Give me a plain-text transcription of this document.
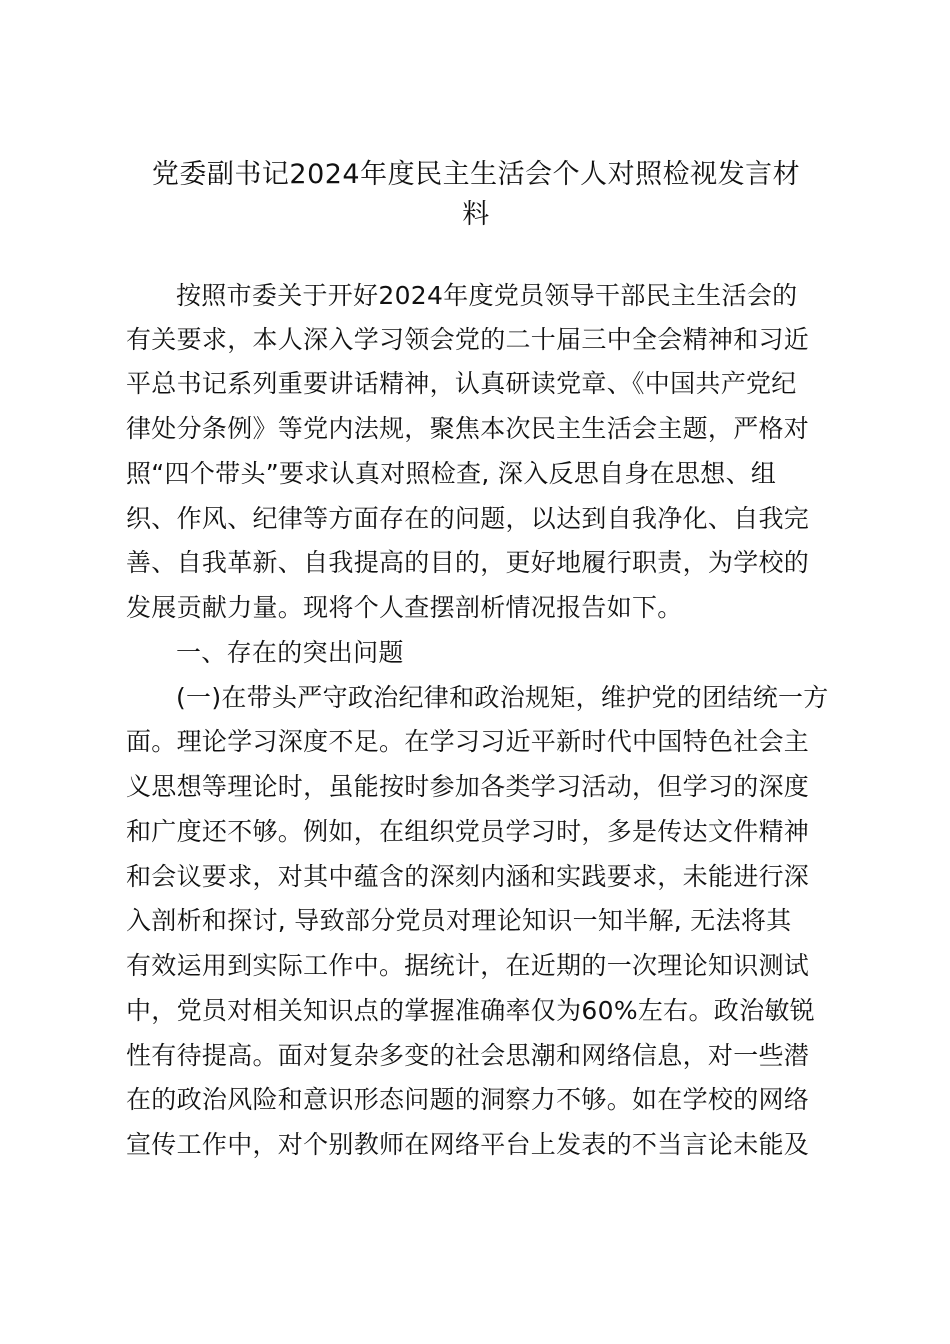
党委副书记2024年度民主生活会个人对照检视发言材
料
按照市委关于开好2024年度党员领导干部民主生活会的
有关要求，本人深入学习领会党的二十届三中全会精神和习近
平总书记系列重要讲话精神，认真研读党章、《中国共产党纪
律处分条例》等党内法规，聚焦本次民主生活会主题，严格对
照“四个带头”要求认真对照检查, 深入反思自身在思想、组
织、作风、纪律等方面存在的问题，以达到自我净化、自我完
善、自我革新、自我提高的目的，更好地履行职责，为学校的
发展贡献力量。现将个人查摆剖析情况报告如下。
一、存在的突出问题
(一)在带头严守政治纪律和政治规矩，维护党的团结统一方
面。理论学习深度不足。在学习习近平新时代中国特色社会主
义思想等理论时，虽能按时参加各类学习活动，但学习的深度
和广度还不够。例如，在组织党员学习时，多是传达文件精神
和会议要求，对其中蕴含的深刻内涵和实践要求，未能进行深
入剖析和探讨, 导致部分党员对理论知识一知半解, 无法将其
有效运用到实际工作中。据统计，在近期的一次理论知识测试
中，党员对相关知识点的掌握准确率仅为60%左右。政治敏锐
性有待提高。面对复杂多变的社会思潮和网络信息，对一些潜
在的政治风险和意识形态问题的洞察力不够。如在学校的网络
宣传工作中，对个别教师在网络平台上发表的不当言论未能及
